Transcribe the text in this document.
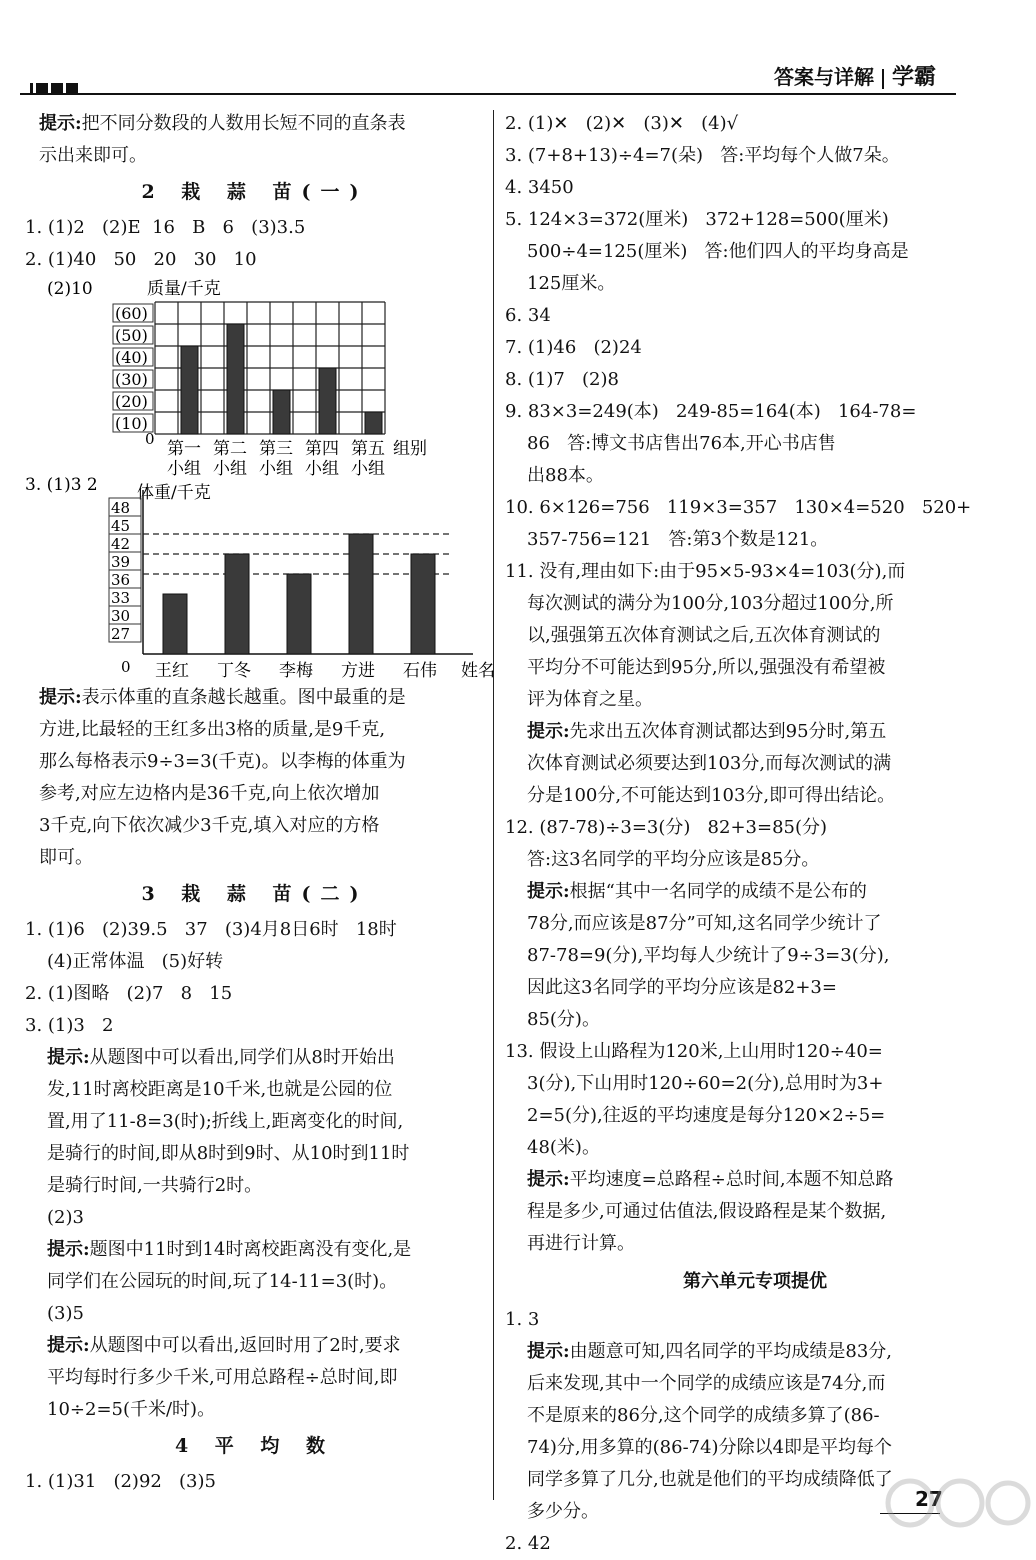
答案与详解 学霸
提示:把不同分数段的人数用长短不同的直条表
示出来即可。
2 栽 蒜 苗(一)
1. (1)2   (2)E  16   B   6   (3)3.5
2. (1)40   50   20   30   10
(2)10	质量/千克
(60)
(50)
(40)
(30)
(20)
(10)
0 第一
小组
第二
小组
第三
小组
第四
小组
第五
小组
组别
3. (1)3 2 体重/千克
48
45
42
39
36
33
30
27
0 王红 丁冬 李梅 方进 石伟 姓名
提示:表示体重的直条越长越重。图中最重的是
方进,比最轻的王红多出3格的质量,是9千克,
那么每格表示9÷3=3(千克)。以李梅的体重为
参考,对应左边格内是36千克,向上依次增加
3千克,向下依次减少3千克,填入对应的方格
即可。
3 栽 蒜 苗(二)
1. (1)6   (2)39.5   37   (3)4月8日6时   18时
(4)正常体温   (5)好转
2. (1)图略   (2)7   8   15
3. (1)3   2
提示:从题图中可以看出,同学们从8时开始出
发,11时离校距离是10千米,也就是公园的位
置,用了11-8=3(时);折线上,距离变化的时间,
是骑行的时间,即从8时到9时、从10时到11时
是骑行时间,一共骑行2时。
(2)3
提示:题图中11时到14时离校距离没有变化,是
同学们在公园玩的时间,玩了14-11=3(时)。
(3)5
提示:从题图中可以看出,返回时用了2时,要求
平均每时行多少千米,可用总路程÷总时间,即
10÷2=5(千米/时)。
4 平 均 数
1. (1)31   (2)92   (3)5
2. (1)✕   (2)✕   (3)✕   (4)√
3. (7+8+13)÷4=7(朵)   答:平均每个人做7朵。
4. 3450
5. 124×3=372(厘米)   372+128=500(厘米)
500÷4=125(厘米)   答:他们四人的平均身高是
125厘米。
6. 34
7. (1)46   (2)24
8. (1)7   (2)8
9. 83×3=249(本)   249-85=164(本)   164-78=
86   答:博文书店售出76本,开心书店售
出88本。
10. 6×126=756   119×3=357   130×4=520   520+
357-756=121   答:第3个数是121。
11. 没有,理由如下:由于95×5-93×4=103(分),而
每次测试的满分为100分,103分超过100分,所
以,强强第五次体育测试之后,五次体育测试的
平均分不可能达到95分,所以,强强没有希望被
评为体育之星。
提示:先求出五次体育测试都达到95分时,第五
次体育测试必须要达到103分,而每次测试的满
分是100分,不可能达到103分,即可得出结论。
12. (87-78)÷3=3(分)   82+3=85(分)
答:这3名同学的平均分应该是85分。
提示:根据“其中一名同学的成绩不是公布的
78分,而应该是87分”可知,这名同学少统计了
87-78=9(分),平均每人少统计了9÷3=3(分),
因此这3名同学的平均分应该是82+3=
85(分)。
13. 假设上山路程为120米,上山用时120÷40=
3(分),下山用时120÷60=2(分),总用时为3+
2=5(分),往返的平均速度是每分120×2÷5=
48(米)。
提示:平均速度=总路程÷总时间,本题不知总路
程是多少,可通过估值法,假设路程是某个数据,
再进行计算。
第六单元专项提优
1. 3
提示:由题意可知,四名同学的平均成绩是83分,
后来发现,其中一个同学的成绩应该是74分,而
不是原来的86分,这个同学的成绩多算了(86-
74)分,用多算的(86-74)分除以4即是平均每个
同学多算了几分,也就是他们的平均成绩降低了
多少分。
2. 42
27
